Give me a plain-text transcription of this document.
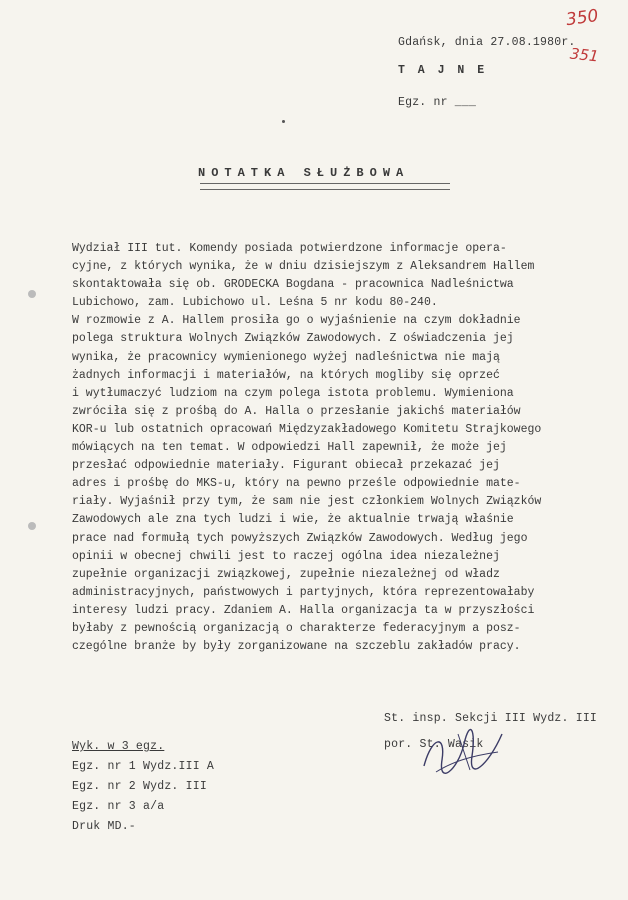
350
351
Gdańsk, dnia 27.08.1980r.
T A J N E
Egz. nr ___
NOTATKA SŁUŻBOWA
Wydział III tut. Komendy posiada potwierdzone informacje opera-
cyjne, z których wynika, że w dniu dzisiejszym z Aleksandrem Hallem
skontaktowała się ob. GRODECKA Bogdana - pracownica Nadleśnictwa
Lubichowo, zam. Lubichowo ul. Leśna 5 nr kodu 80-240.
W rozmowie z A. Hallem prosiła go o wyjaśnienie na czym dokładnie
polega struktura Wolnych Związków Zawodowych. Z oświadczenia jej
wynika, że pracownicy wymienionego wyżej nadleśnictwa nie mają
żadnych informacji i materiałów, na których mogliby się oprzeć
i wytłumaczyć ludziom na czym polega istota problemu. Wymieniona
zwróciła się z prośbą do A. Halla o przesłanie jakichś materiałów
KOR-u lub ostatnich opracowań Międzyzakładowego Komitetu Strajkowego
mówiących na ten temat. W odpowiedzi Hall zapewnił, że może jej
przesłać odpowiednie materiały. Figurant obiecał przekazać jej
adres i prośbę do MKS-u, który na pewno prześle odpowiednie mate-
riały. Wyjaśnił przy tym, że sam nie jest członkiem Wolnych Związków
Zawodowych ale zna tych ludzi i wie, że aktualnie trwają właśnie
prace nad formułą tych powyższych Związków Zawodowych. Według jego
opinii w obecnej chwili jest to raczej ogólna idea niezależnej
zupełnie organizacji związkowej, zupełnie niezależnej od władz
administracyjnych, państwowych i partyjnych, która reprezentowałaby
interesy ludzi pracy. Zdaniem A. Halla organizacja ta w przyszłości
byłaby z pewnością organizacją o charakterze federacyjnym a posz-
czególne branże by były zorganizowane na szczeblu zakładów pracy.
St. insp. Sekcji III Wydz. III
por. St. Wasik
Wyk. w 3 egz.
Egz. nr 1 Wydz.III A
Egz. nr 2 Wydz. III
Egz. nr 3 a/a
Druk MD.-
